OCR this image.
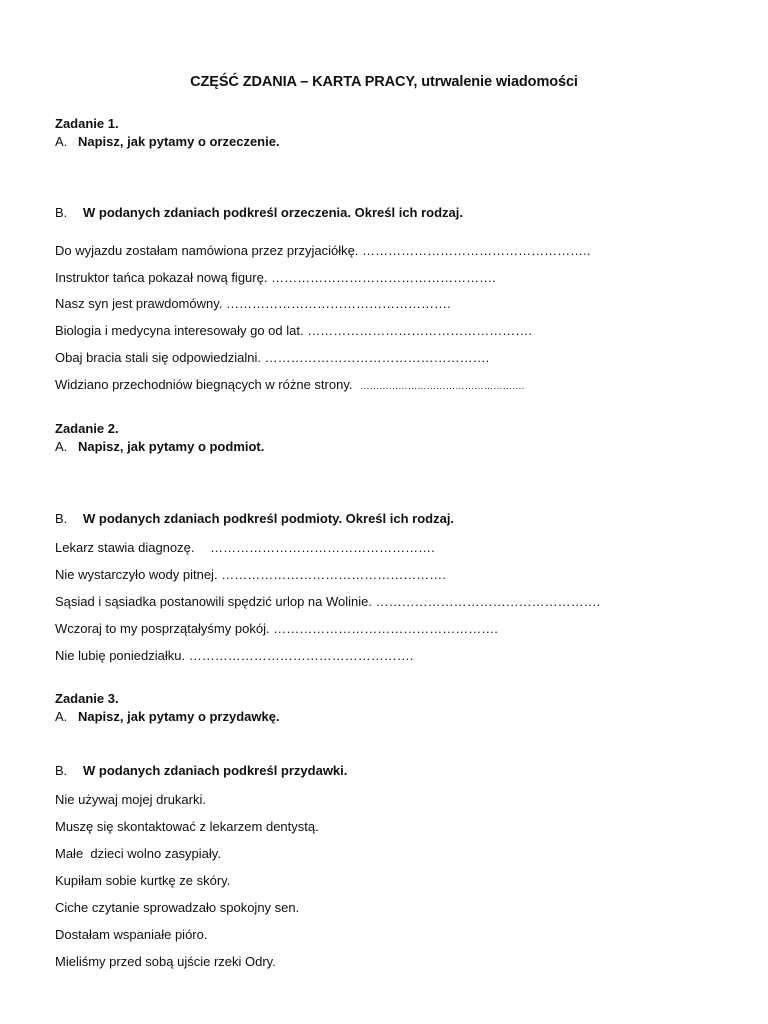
CZĘŚĆ ZDANIA – KARTA PRACY, utrwalenie wiadomości
Zadanie 1.
A. Napisz, jak pytamy o orzeczenie.
B. W podanych zdaniach podkreśl orzeczenia. Określ ich rodzaj.
Do wyjazdu zostałam namówiona przez przyjaciółkę. ……………………………………………..
Instruktor tańca pokazał nową figurę. …………………………………………….
Nasz syn jest prawdomówny. …………………………………………….
Biologia i medycyna interesowały go od lat. …………………………………………….
Obaj bracia stali się odpowiedzialni. …………………………………………….
Widziano przechodniów biegnących w różne strony. …………………………………………….
Zadanie 2.
A. Napisz, jak pytamy o podmiot.
B. W podanych zdaniach podkreśl podmioty. Określ ich rodzaj.
Lekarz stawia diagnozę. …………………………………………….
Nie wystarczyło wody pitnej. …………………………………………….
Sąsiad i sąsiadka postanowili spędzić urlop na Wolinie. …………………………………………….
Wczoraj to my posprzątałyśmy pokój. …………………………………………….
Nie lubię poniedziałku. …………………………………………….
Zadanie 3.
A. Napisz, jak pytamy o przydawkę.
B. W podanych zdaniach podkreśl przydawki.
Nie używaj mojej drukarki.
Muszę się skontaktować z lekarzem dentystą.
Małe  dzieci wolno zasypiały.
Kupiłam sobie kurtkę ze skóry.
Ciche czytanie sprowadzało spokojny sen.
Dostałam wspaniałe pióro.
Mieliśmy przed sobą ujście rzeki Odry.
